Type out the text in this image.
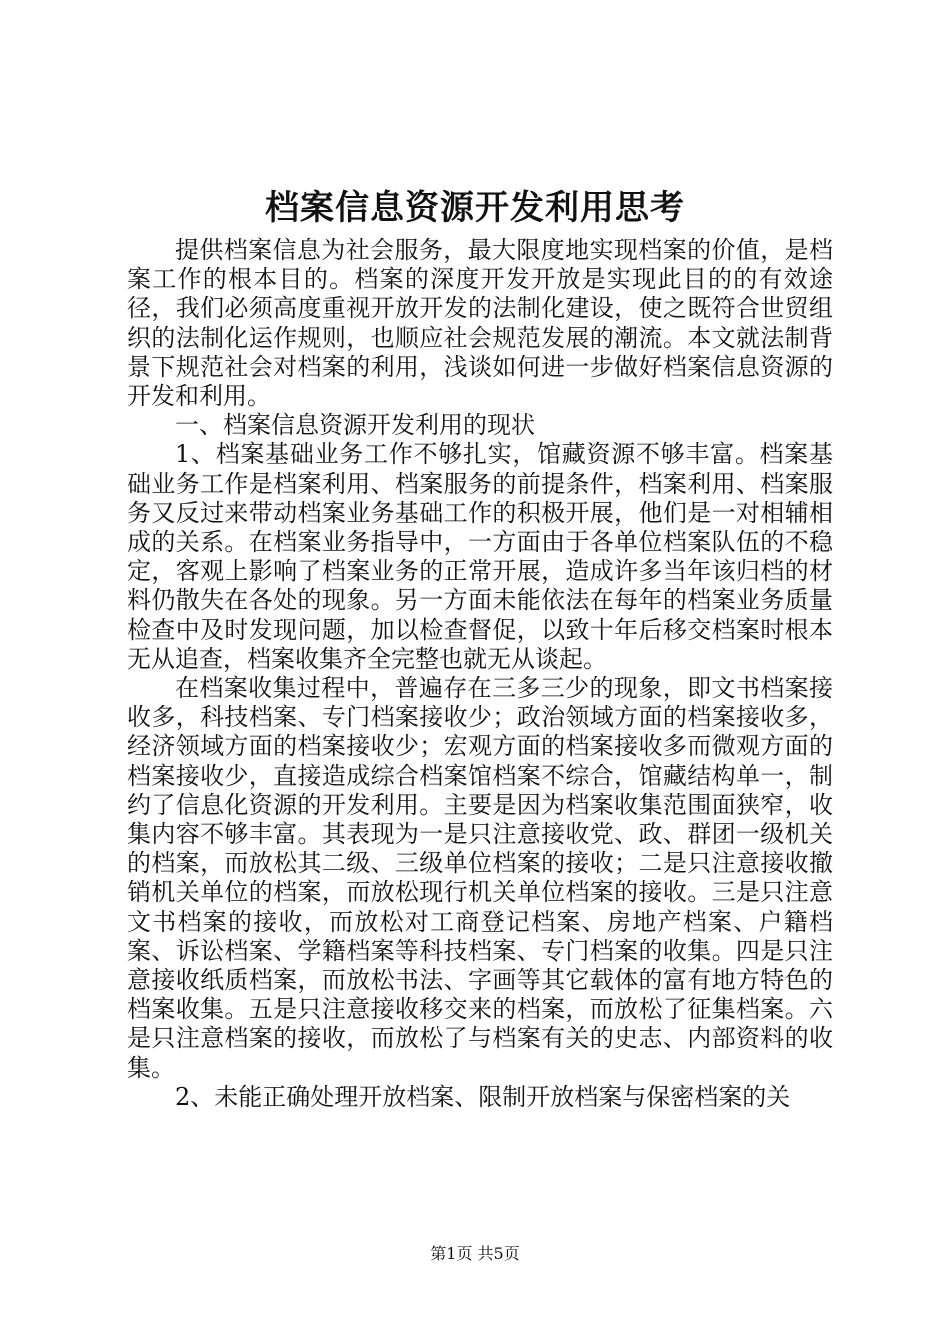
档案信息资源开发利用思考

提供档案信息为社会服务，最大限度地实现档案的价值，是档案工作的根本目的。档案的深度开发开放是实现此目的的有效途径，我们必须高度重视开放开发的法制化建设，使之既符合世贸组织的法制化运作规则，也顺应社会规范发展的潮流。本文就法制背景下规范社会对档案的利用，浅谈如何进一步做好档案信息资源的开发和利用。

一、档案信息资源开发利用的现状

1、档案基础业务工作不够扎实，馆藏资源不够丰富。档案基础业务工作是档案利用、档案服务的前提条件，档案利用、档案服务又反过来带动档案业务基础工作的积极开展，他们是一对相辅相成的关系。在档案业务指导中，一方面由于各单位档案队伍的不稳定，客观上影响了档案业务的正常开展，造成许多当年该归档的材料仍散失在各处的现象。另一方面未能依法在每年的档案业务质量检查中及时发现问题，加以检查督促，以致十年后移交档案时根本无从追查，档案收集齐全完整也就无从谈起。

在档案收集过程中，普遍存在三多三少的现象，即文书档案接收多，科技档案、专门档案接收少；政治领域方面的档案接收多，经济领域方面的档案接收少；宏观方面的档案接收多而微观方面的档案接收少，直接造成综合档案馆档案不综合，馆藏结构单一，制约了信息化资源的开发利用。主要是因为档案收集范围面狭窄，收集内容不够丰富。其表现为一是只注意接收党、政、群团一级机关的档案，而放松其二级、三级单位档案的接收；二是只注意接收撤销机关单位的档案，而放松现行机关单位档案的接收。三是只注意文书档案的接收，而放松对工商登记档案、房地产档案、户籍档案、诉讼档案、学籍档案等科技档案、专门档案的收集。四是只注意接收纸质档案，而放松书法、字画等其它载体的富有地方特色的档案收集。五是只注意接收移交来的档案，而放松了征集档案。六是只注意档案的接收，而放松了与档案有关的史志、内部资料的收集。

2、未能正确处理开放档案、限制开放档案与保密档案的关

第1页 共5页
